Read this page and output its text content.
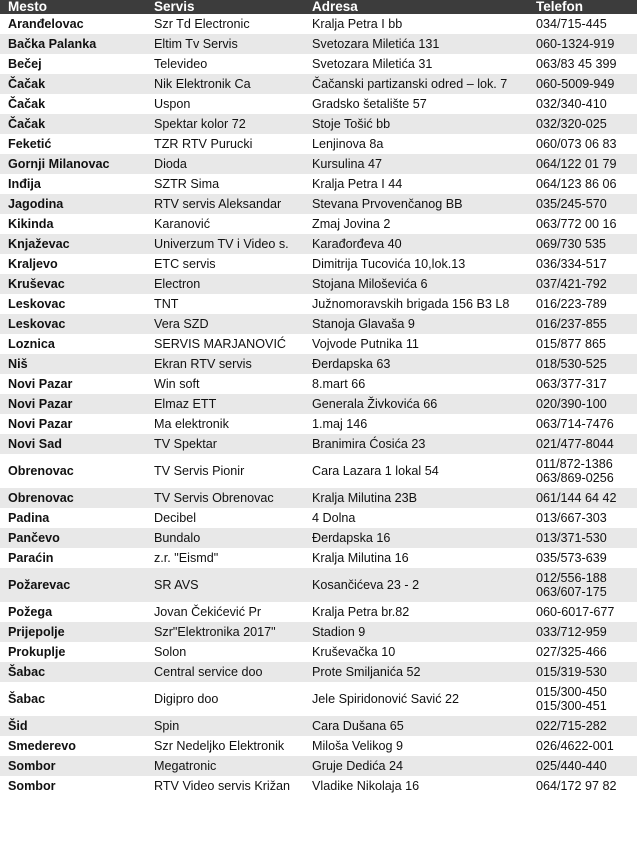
Mesto	Servis	Adresa	Telefon
Aranđelovac	Szr Td Electronic	Kralja Petra I bb	034/715-445

Bačka Palanka	Eltim Tv Servis	Svetozara Miletića 131	060-1324-919

Bečej	Televideo	Svetozara Miletića 31	063/83 45 399

Čačak	Nik Elektronik Ca	Čačanski partizanski odred – lok. 7	060-5009-949

Čačak	Uspon	Gradsko šetalište 57	032/340-410

Čačak	Spektar kolor 72	Stoje Tošić bb	032/320-025

Feketić	TZR RTV Purucki	Lenjinova 8a	060/073 06 83

Gornji Milanovac	Dioda	Kursulina 47	064/122 01 79

Inđija	SZTR Sima	Kralja Petra I 44	064/123 86 06

Jagodina	RTV servis Aleksandar	Stevana Prvovenčanog BB	035/245-570

Kikinda	Karanović	Zmaj Jovina 2	063/772 00 16

Knjaževac	Univerzum TV i Video s.	Karađorđeva 40	069/730 535

Kraljevo	ETC servis	Dimitrija Tucovića 10,lok.13	036/334-517

Kruševac	Electron	Stojana Miloševića 6	037/421-792

Leskovac	TNT	Južnomoravskih brigada 156 B3 L8	016/223-789

Leskovac	Vera SZD	Stanoja Glavaša 9	016/237-855

Loznica	SERVIS MARJANOVIĆ	Vojvode Putnika 11	015/877 865

Niš	Ekran RTV servis	Đerdapska 63	018/530-525

Novi Pazar	Win soft	8.mart 66	063/377-317

Novi Pazar	Elmaz ETT	Generala Živkovića 66	020/390-100

Novi Pazar	Ma elektronik	1.maj 146	063/714-7476

Novi Sad	TV Spektar	Branimira Ćosića 23	021/477-8044

Obrenovac	TV Servis Pionir	Cara Lazara 1 lokal 54	011/872-1386
063/869-0256

Obrenovac	TV Servis Obrenovac	Kralja Milutina 23B	061/144 64 42

Padina	Decibel	4 Dolna	013/667-303

Pančevo	Bundalo	Đerdapska 16	013/371-530

Paraćin	z.r. "Eismd"	Kralja Milutina 16	035/573-639

Požarevac	SR AVS	Kosančićeva 23 - 2	012/556-188
063/607-175

Požega	Jovan Čekićević Pr	Kralja Petra br.82	060-6017-677

Prijepolje	Szr"Elektronika 2017"	Stadion 9	033/712-959

Prokuplje	Solon	Kruševačka 10	027/325-466

Šabac	Central service doo	Prote Smiljanića 52	015/319-530

Šabac	Digipro doo	Jele Spiridonović Savić 22	015/300-450
015/300-451

Šid	Spin	Cara Dušana 65	022/715-282

Smederevo	Szr Nedeljko Elektronik	Miloša Velikog 9	026/4622-001

Sombor	Megatronic	Gruje Dedića 24	025/440-440

Sombor	RTV Video servis Križan	Vladike Nikolaja 16	064/172 97 82
